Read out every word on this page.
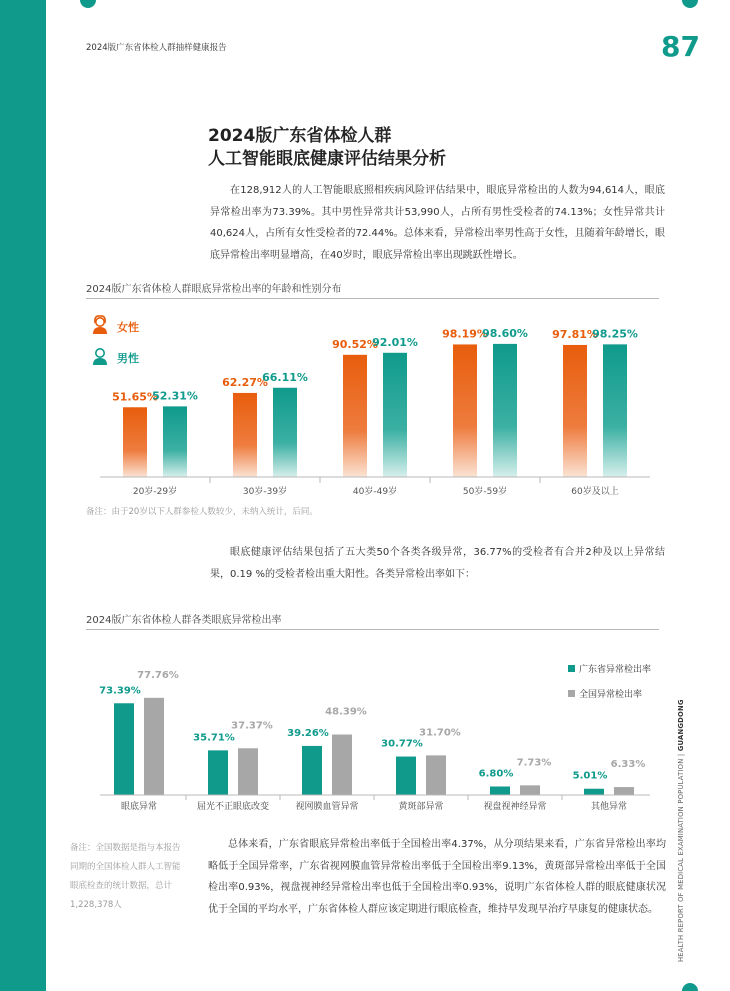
2024版广东省体检人群抽样健康报告	87
2024版广东省体检人群
人工智能眼底健康评估结果分析

在128,912人的人工智能眼底照相疾病风险评估结果中，眼底异常检出的人数为94,614人，眼底异常检出率为73.39%。其中男性异常共计53,990人，占所有男性受检者的74.13%；女性异常共计40,624人，占所有女性受检者的72.44%。总体来看，异常检出率男性高于女性，且随着年龄增长，眼底异常检出率明显增高，在40岁时，眼底异常检出率出现跳跃性增长。

2024版广东省体检人群眼底异常检出率的年龄和性别分布
女性
男性
51.65%
52.31%
62.27%
66.11%
90.52%
92.01%
98.19%
98.60% 97.81%
98.25%
20岁-29岁	30岁-39岁	40岁-49岁	50岁-59岁	60岁及以上
备注：由于20岁以下人群参检人数较少，未纳入统计，后同。

眼底健康评估结果包括了五大类50个各类各级异常，36.77%的受检者有合并2种及以上异常结果，0.19 %的受检者检出重大阳性。各类异常检出率如下：

2024版广东省体检人群各类眼底异常检出率
73.39%
77.76%
35.71%
37.37%
39.26%
48.39%
30.77%
31.70%
6.80%
7.73%
5.01%
6.33%
眼底异常	屈光不正眼底改变	视网膜血管异常	黄斑部异常	视盘视神经异常	其他异常
广东省异常检出率
全国异常检出率
备注：全国数据是指与本报告同期的全国体检人群人工智能眼底检查的统计数据，总计1,228,378人

总体来看，广东省眼底异常检出率低于全国检出率4.37%，从分项结果来看，广东省异常检出率均略低于全国异常率，广东省视网膜血管异常检出率低于全国检出率9.13%，黄斑部异常检出率低于全国检出率0.93%，视盘视神经异常检出率也低于全国检出率0.93%，说明广东省体检人群的眼底健康状况优于全国的平均水平，广东省体检人群应该定期进行眼底检查，维持早发现早治疗早康复的健康状态。	HEALTH REPORT OF MEDICAL EXAMINATION POPULATION | GUANGDONG
